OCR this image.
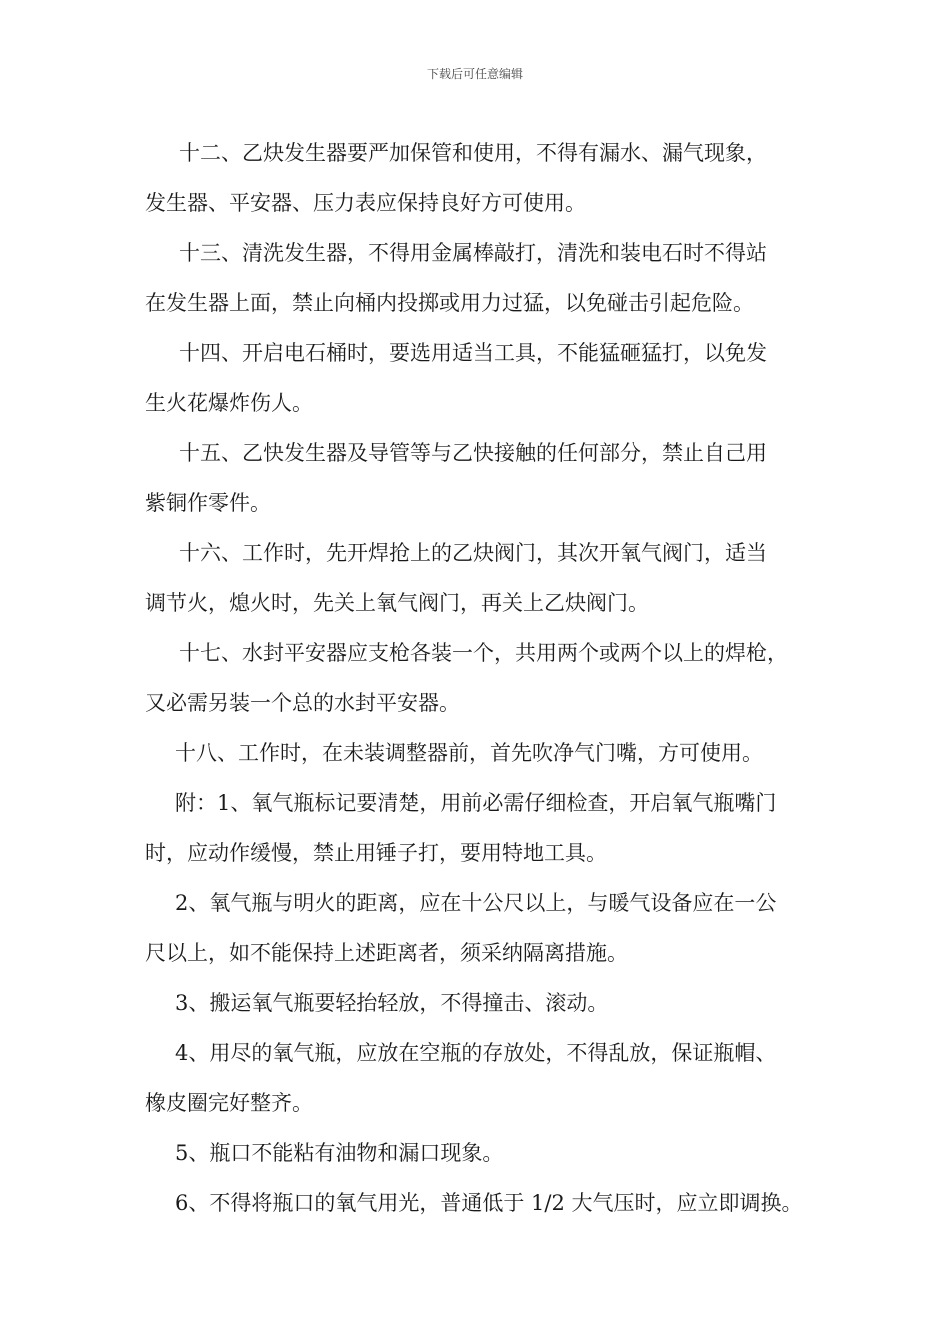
下载后可任意编辑
十二、乙炔发生器要严加保管和使用，不得有漏水、漏气现象，
发生器、平安器、压力表应保持良好方可使用。
十三、清洗发生器，不得用金属棒敲打，清洗和装电石时不得站
在发生器上面，禁止向桶内投掷或用力过猛，以免碰击引起危险。
十四、开启电石桶时，要选用适当工具，不能猛砸猛打，以免发
生火花爆炸伤人。
十五、乙快发生器及导管等与乙快接触的任何部分，禁止自己用
紫铜作零件。
十六、工作时，先开焊抢上的乙炔阀门，其次开氧气阀门，适当
调节火，熄火时，先关上氧气阀门，再关上乙炔阀门。
十七、水封平安器应支枪各装一个，共用两个或两个以上的焊枪，
又必需另装一个总的水封平安器。
十八、工作时，在未装调整器前，首先吹净气门嘴，方可使用。
附：1、氧气瓶标记要清楚，用前必需仔细检查，开启氧气瓶嘴门
时，应动作缓慢，禁止用锤子打，要用特地工具。
2、氧气瓶与明火的距离，应在十公尺以上，与暖气设备应在一公
尺以上，如不能保持上述距离者，须采纳隔离措施。
3、搬运氧气瓶要轻抬轻放，不得撞击、滚动。
4、用尽的氧气瓶，应放在空瓶的存放处，不得乱放，保证瓶帽、
橡皮圈完好整齐。
5、瓶口不能粘有油物和漏口现象。
6、不得将瓶口的氧气用光，普通低于 1/2 大气压时，应立即调换。
